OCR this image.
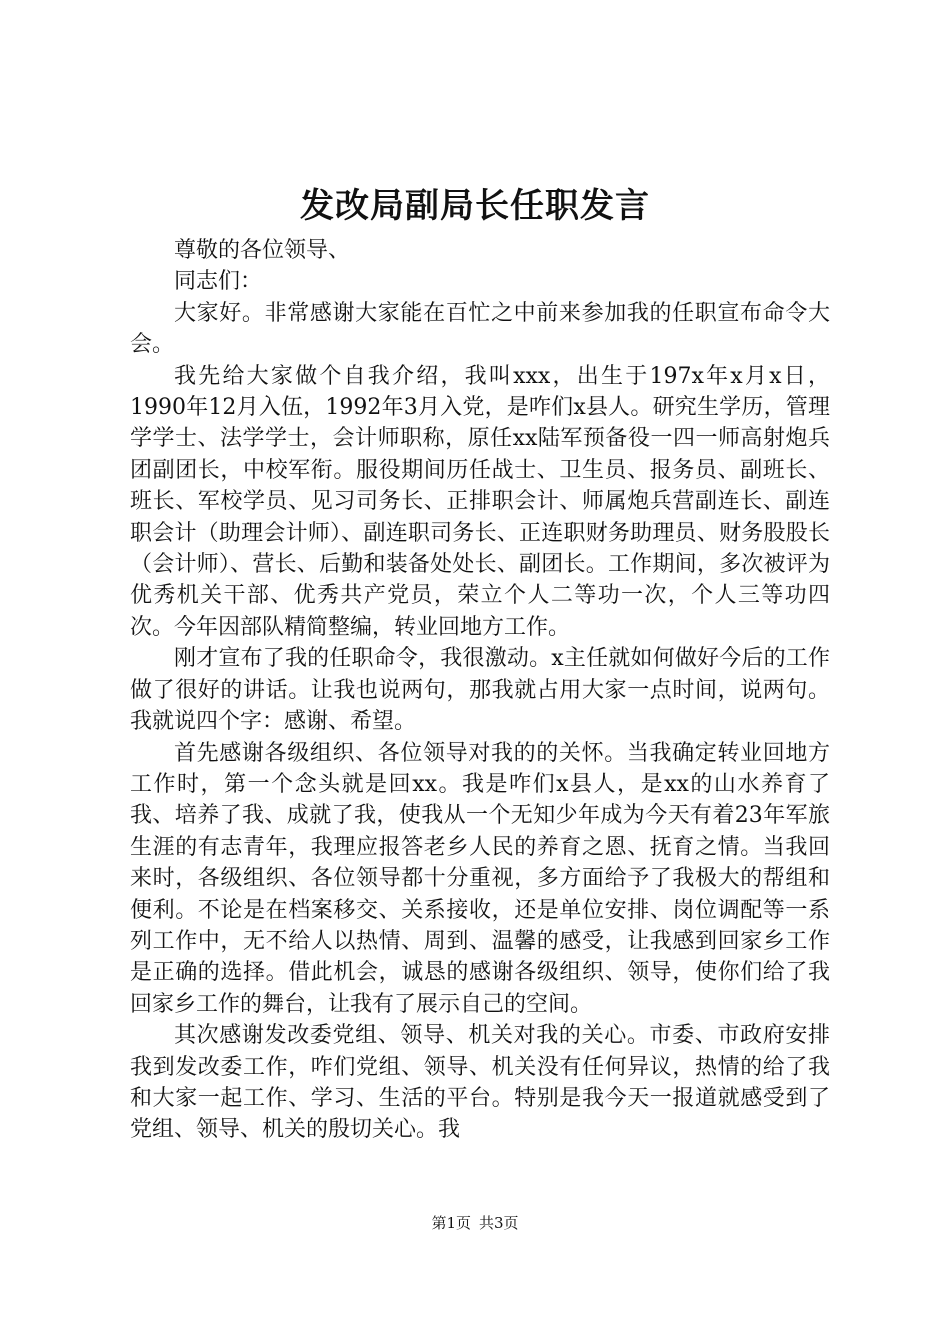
发改局副局长任职发言

尊敬的各位领导、

同志们：

大家好。非常感谢大家能在百忙之中前来参加我的任职宣布命令大会。

我先给大家做个自我介绍，我叫xxx，出生于197x年x月x日，1990年12月入伍，1992年3月入党，是咋们x县人。研究生学历，管理学学士、法学学士，会计师职称，原任xx陆军预备役一四一师高射炮兵团副团长，中校军衔。服役期间历任战士、卫生员、报务员、副班长、班长、军校学员、见习司务长、正排职会计、师属炮兵营副连长、副连职会计（助理会计师）、副连职司务长、正连职财务助理员、财务股股长（会计师）、营长、后勤和装备处处长、副团长。工作期间，多次被评为优秀机关干部、优秀共产党员，荣立个人二等功一次，个人三等功四次。今年因部队精简整编，转业回地方工作。

刚才宣布了我的任职命令，我很激动。x主任就如何做好今后的工作做了很好的讲话。让我也说两句，那我就占用大家一点时间，说两句。我就说四个字：感谢、希望。

首先感谢各级组织、各位领导对我的的关怀。当我确定转业回地方工作时，第一个念头就是回xx。我是咋们x县人，是xx的山水养育了我、培养了我、成就了我，使我从一个无知少年成为今天有着23年军旅生涯的有志青年，我理应报答老乡人民的养育之恩、抚育之情。当我回来时，各级组织、各位领导都十分重视，多方面给予了我极大的帮组和便利。不论是在档案移交、关系接收，还是单位安排、岗位调配等一系列工作中，无不给人以热情、周到、温馨的感受，让我感到回家乡工作是正确的选择。借此机会，诚恳的感谢各级组织、领导，使你们给了我回家乡工作的舞台，让我有了展示自己的空间。

其次感谢发改委党组、领导、机关对我的关心。市委、市政府安排我到发改委工作，咋们党组、领导、机关没有任何异议，热情的给了我和大家一起工作、学习、生活的平台。特别是我今天一报道就感受到了党组、领导、机关的殷切关心。我

第1页 共3页
